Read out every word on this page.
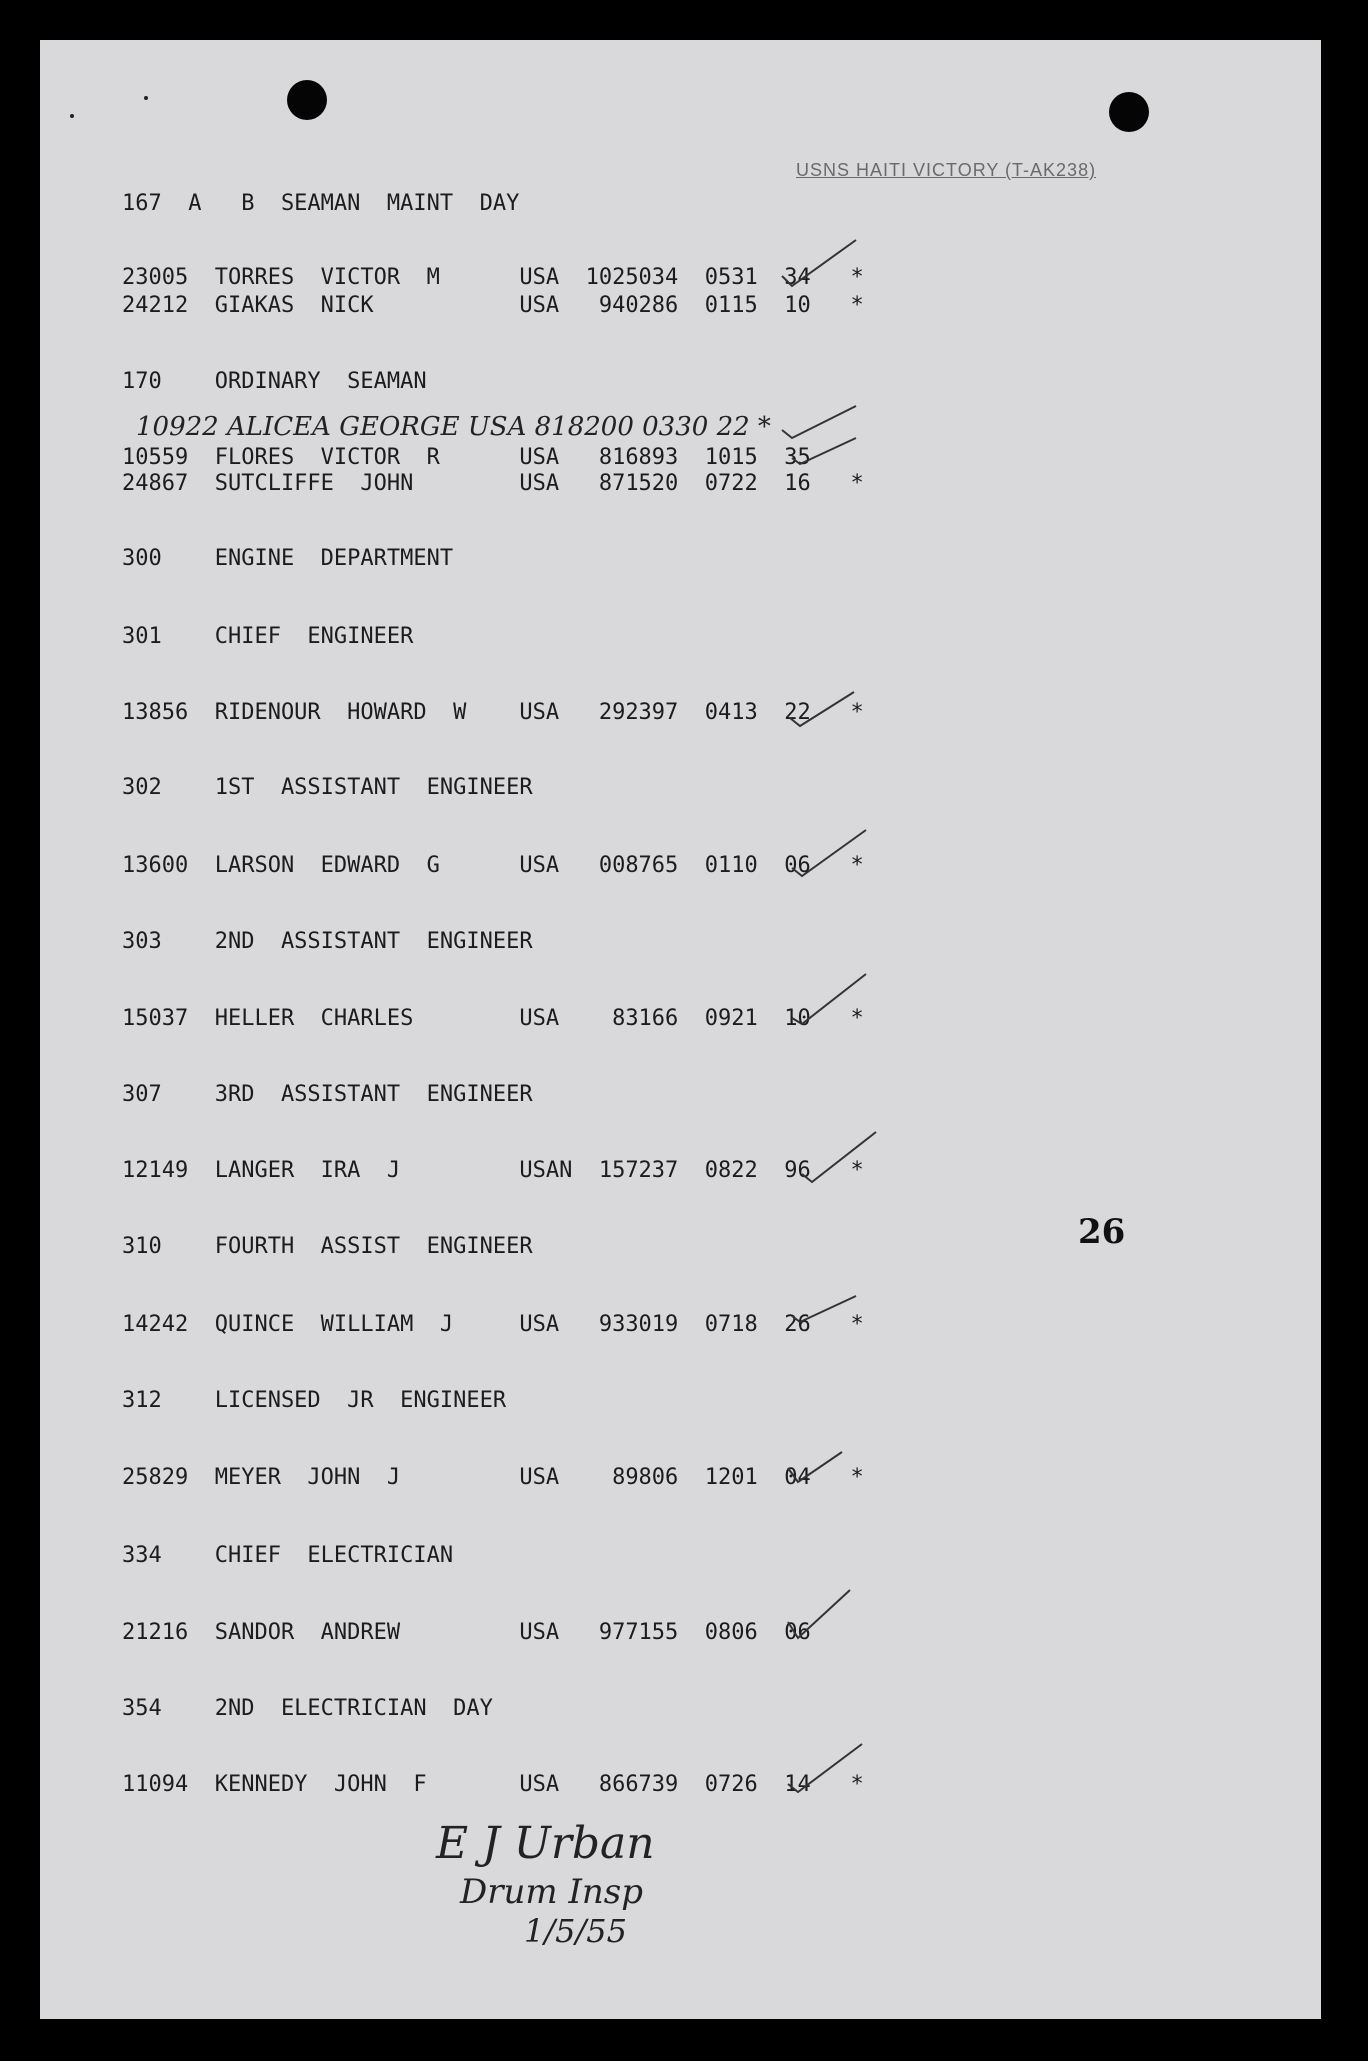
USNS HAITI VICTORY (T-AK238)
26
167  A   B  SEAMAN  MAINT  DAY
23005  TORRES  VICTOR  M      USA  1025034  0531  34   *
24212  GIAKAS  NICK           USA   940286  0115  10   *
170    ORDINARY  SEAMAN
10922 ALICEA GEORGE USA 818200 0330 22 *
10559  FLORES  VICTOR  R      USA   816893  1015  35
24867  SUTCLIFFE  JOHN        USA   871520  0722  16   *
300    ENGINE  DEPARTMENT
301    CHIEF  ENGINEER
13856  RIDENOUR  HOWARD  W    USA   292397  0413  22   *
302    1ST  ASSISTANT  ENGINEER
13600  LARSON  EDWARD  G      USA   008765  0110  06   *
303    2ND  ASSISTANT  ENGINEER
15037  HELLER  CHARLES        USA    83166  0921  10   *
307    3RD  ASSISTANT  ENGINEER
12149  LANGER  IRA  J         USAN  157237  0822  96   *
310    FOURTH  ASSIST  ENGINEER
14242  QUINCE  WILLIAM  J     USA   933019  0718  26   *
312    LICENSED  JR  ENGINEER
25829  MEYER  JOHN  J         USA    89806  1201  04   *
334    CHIEF  ELECTRICIAN
21216  SANDOR  ANDREW         USA   977155  0806  06
354    2ND  ELECTRICIAN  DAY
11094  KENNEDY  JOHN  F       USA   866739  0726  14   *
E J Urban
Drum Insp
1/5/55
